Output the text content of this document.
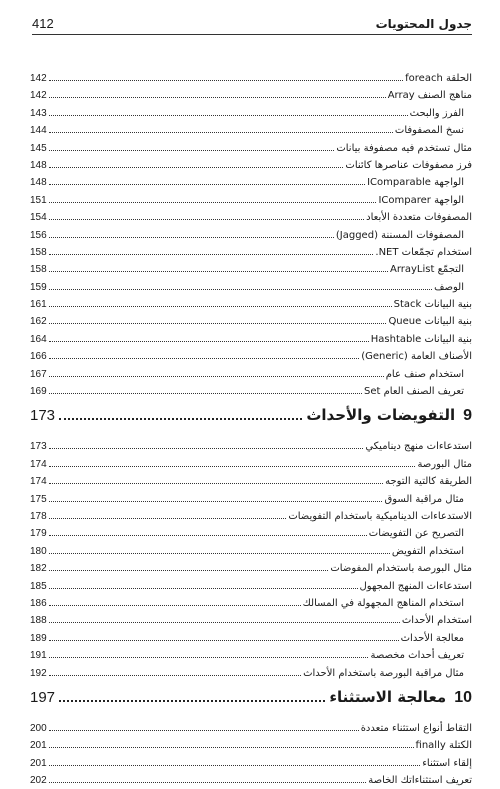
جدول المحتويات
412
الحلقة foreach
142
مناهج الصنف Array
142
الفرز والبحث
143
نسخ المصفوفات
144
مثال تستخدم فيه مصفوفة بيانات
145
فرز مصفوفات عناصرها كائنات
148
الواجهة IComparable
148
الواجهة IComparer
151
المصفوفات متعددة الأبعاد
154
المصفوفات المسننة (Jagged)
156
استخدام تجمّعات NET.
158
التجمّع ArrayList
158
الوصف
159
بنية البيانات Stack
161
بنية البيانات Queue
162
بنية البيانات Hashtable
164
الأصناف العامة (Generic)
166
استخدام صنف عام
167
تعريف الصنف العام Set
169
9
التفويضات والأحداث
173
استدعاءات منهج ديناميكي
173
مثال البورصة
174
الطريقة كالتية التوجه
174
مثال مراقبة السوق
175
الاستدعاءات الديناميكية باستخدام التفويضات
178
التصريح عن التفويضات
179
استخدام التفويض
180
مثال البورصة باستخدام المفوضات
182
استدعاءات المنهج المجهول
185
استخدام المناهج المجهولة في المسالك
186
استخدام الأحداث
188
معالجة الأحداث
189
تعريف أحداث مخصصة
191
مثال مراقبة البورصة باستخدام الأحداث
192
10
معالجة الاستثناء
197
التقاط أنواع استثناء متعددة
200
الكتلة finally
201
إلقاء استثناء
201
تعريف استثناءاتك الخاصة
202
